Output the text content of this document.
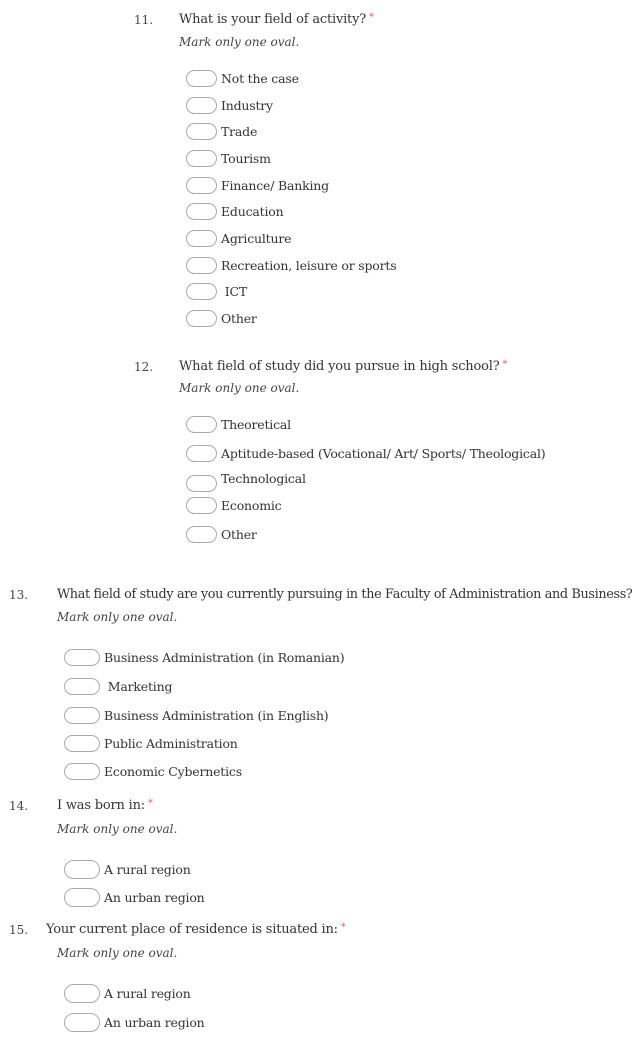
11. What is your field of activity? *
Mark only one oval.
Not the case
Industry
Trade
Tourism
Finance/ Banking
Education
Agriculture
Recreation, leisure or sports
ICT
Other
12. What field of study did you pursue in high school? *
Mark only one oval.
Theoretical
Aptitude-based (Vocational/ Art/ Sports/ Theological)
Technological
Economic
Other
13. What field of study are you currently pursuing in the Faculty of Administration and Business?
Mark only one oval.
Business Administration (in Romanian)
Marketing
Business Administration (in English)
Public Administration
Economic Cybernetics
14. I was born in: *
Mark only one oval.
A rural region
An urban region
15. Your current place of residence is situated in: *
Mark only one oval.
A rural region
An urban region
